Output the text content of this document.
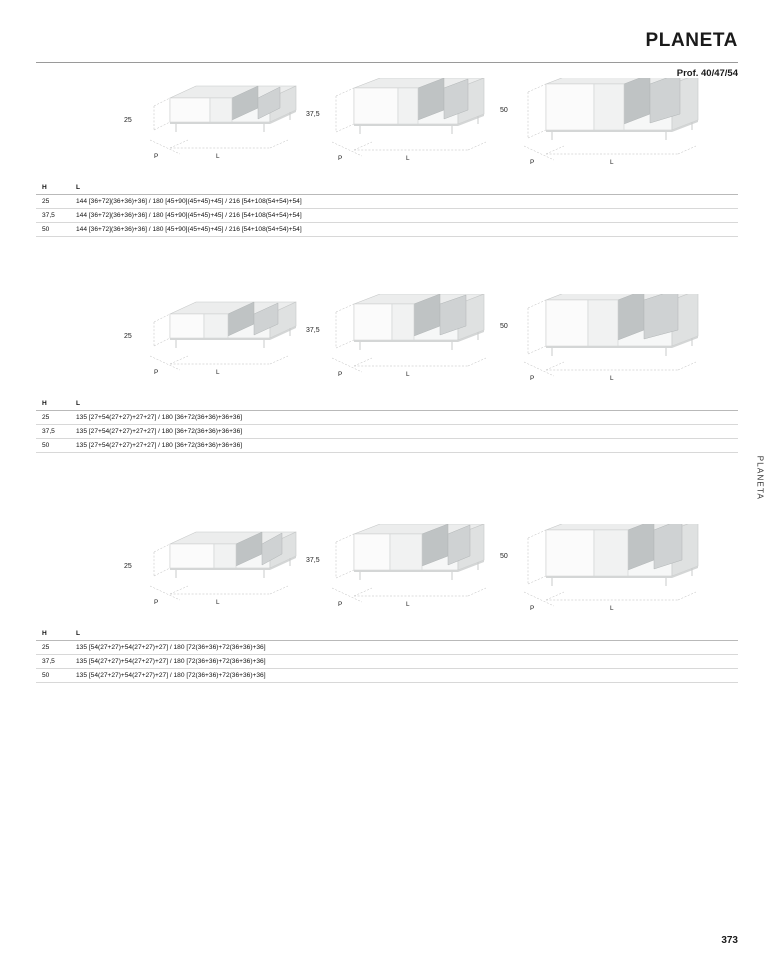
PLANETA
Prof. 40/47/54
PLANETA
373
25
P	L
37,5
P	L
50
P	L
H	L
25	144 [36+72](36+36)+36] / 180 [45+90](45+45)+45] / 216 [54+108(54+54)+54]
37,5	144 [36+72](36+36)+36] / 180 [45+90](45+45)+45] / 216 [54+108(54+54)+54]
50	144 [36+72](36+36)+36] / 180 [45+90](45+45)+45] / 216 [54+108(54+54)+54]
25
P	L
37,5
P	L
50
P	L
H	L
25	135 [27+54(27+27)+27+27] / 180 [36+72(36+36)+36+36]
37,5	135 [27+54(27+27)+27+27] / 180 [36+72(36+36)+36+36]
50	135 [27+54(27+27)+27+27] / 180 [36+72(36+36)+36+36]
25
P	L
37,5
P	L
50
P	L
H	L
25	135 [54(27+27)+54(27+27)+27] / 180 [72(36+36)+72(36+36)+36]
37,5	135 [54(27+27)+54(27+27)+27] / 180 [72(36+36)+72(36+36)+36]
50	135 [54(27+27)+54(27+27)+27] / 180 [72(36+36)+72(36+36)+36]
